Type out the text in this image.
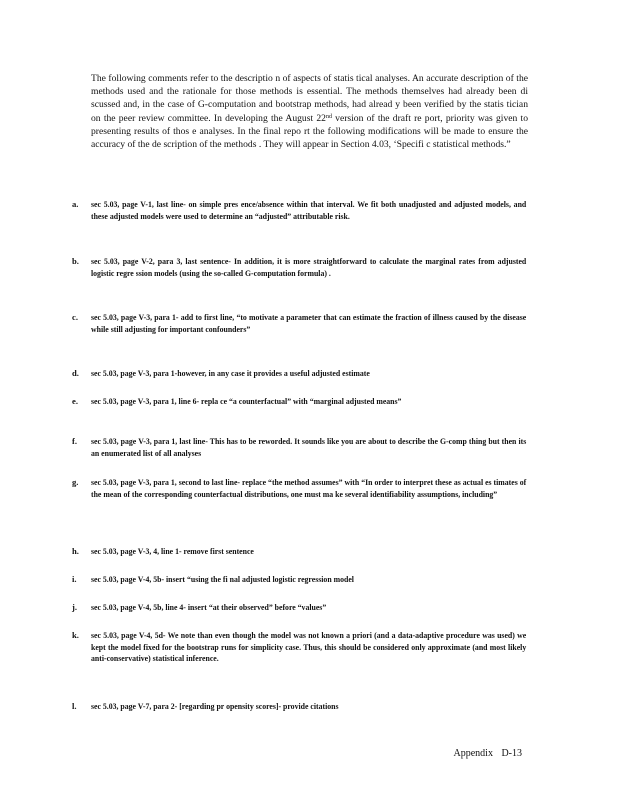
The following comments refer to the descriptio n of aspects of statis tical analyses. An accurate description of the methods used and the rationale for those methods is essential. The methods themselves had already been di scussed and, in the case of G-computation and bootstrap methods, had alread y been verified by the statis tician on the peer review committee. In developing the August 22nd version of the draft re port, priority was given to presenting results of thos e analyses. In the final repo rt the following modifications will be made to ensure the accuracy of the de scription of the methods . They will appear in Section 4.03, ‘Specifi c statistical methods.”

a.	sec 5.03, page V-1, last line- on simple pres ence/absence within that interval. We fit both unadjusted and adjusted models, and these adjusted models were used to determine an “adjusted” attributable risk.
b.	sec 5.03, page V-2, para 3, last sentence- In addition, it is more straightforward to calculate the marginal rates from adjusted logistic regre ssion models (using the so-called G-computation formula) .
c.	sec 5.03, page V-3, para 1- add to first line, “to motivate a parameter that can estimate the fraction of illness caused by the disease while still adjusting for important confounders”
d.	sec 5.03, page V-3, para 1-however, in any case it provides a useful adjusted estimate
e.	sec 5.03, page V-3, para 1, line 6- repla ce “a counterfactual” with “marginal adjusted means”
f.	sec 5.03, page V-3, para 1, last line- This has to be reworded. It sounds like you are about to describe the G-comp thing but then its an enumerated list of all analyses
g.	sec 5.03, page V-3, para 1, second to last line- replace “the method assumes” with “In order to interpret these as actual es timates of the mean of the corresponding counterfactual distributions, one must ma ke several identifiability assumptions, including”
h.	sec 5.03, page V-3, 4, line 1- remove first sentence
i.	sec 5.03, page V-4, 5b- insert “using the fi nal adjusted logistic regression model
j.	sec 5.03, page V-4, 5b, line 4- insert “at their observed” before “values”
k.	sec 5.03, page V-4, 5d- We note than even though the model was not known a priori (and a data-adaptive procedure was used) we kept the model fixed for the bootstrap runs for simplicity case. Thus, this should be considered only approximate (and most likely anti-conservative) statistical inference.
l.	sec 5.03, page V-7, para 2- [regarding pr opensity scores]- provide citations
Appendix D-13
